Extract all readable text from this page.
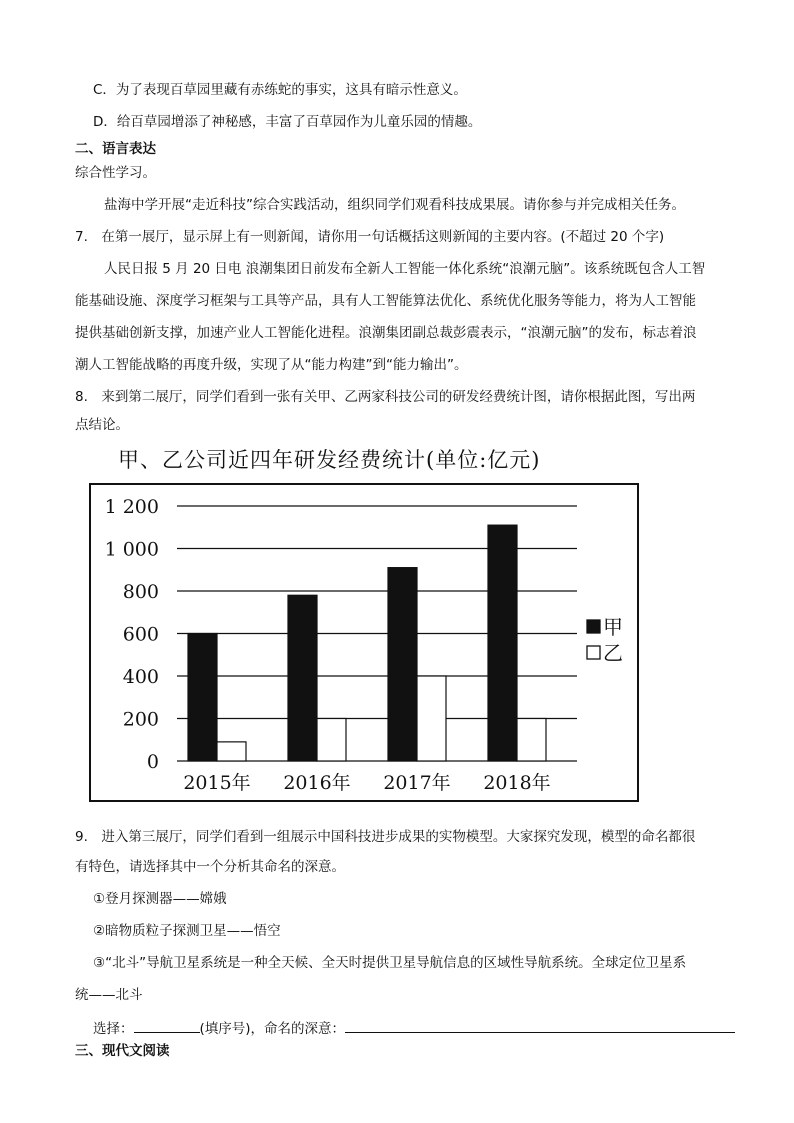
C．为了表现百草园里藏有赤练蛇的事实，这具有暗示性意义。
D．给百草园增添了神秘感，丰富了百草园作为儿童乐园的情趣。
二、语言表达
综合性学习。
盐海中学开展“走近科技”综合实践活动，组织同学们观看科技成果展。请你参与并完成相关任务。
7.　在第一展厅，显示屏上有一则新闻，请你用一句话概括这则新闻的主要内容。(不超过 20 个字)
人民日报 5 月 20 日电 浪潮集团日前发布全新人工智能一体化系统“浪潮元脑”。该系统既包含人工智
能基础设施、深度学习框架与工具等产品，具有人工智能算法优化、系统优化服务等能力，将为人工智能
提供基础创新支撑，加速产业人工智能化进程。浪潮集团副总裁彭震表示，“浪潮元脑”的发布，标志着浪
潮人工智能战略的再度升级，实现了从“能力构建”到“能力输出”。
8.　来到第二展厅，同学们看到一张有关甲、乙两家科技公司的研发经费统计图，请你根据此图，写出两
点结论。
甲、乙公司近四年研发经费统计(单位:亿元)
0
200
400
600
800
1 000
1 200
2015年 2016年 2017年 2018年
甲
乙
9.　进入第三展厅，同学们看到一组展示中国科技进步成果的实物模型。大家探究发现，模型的命名都很
有特色，请选择其中一个分析其命名的深意。
①登月探测器——嫦娥
②暗物质粒子探测卫星——悟空
③“北斗”导航卫星系统是一种全天候、全天时提供卫星导航信息的区域性导航系统。全球定位卫星系
统——北斗
选择：	(填序号)，命名的深意：
三、现代文阅读
